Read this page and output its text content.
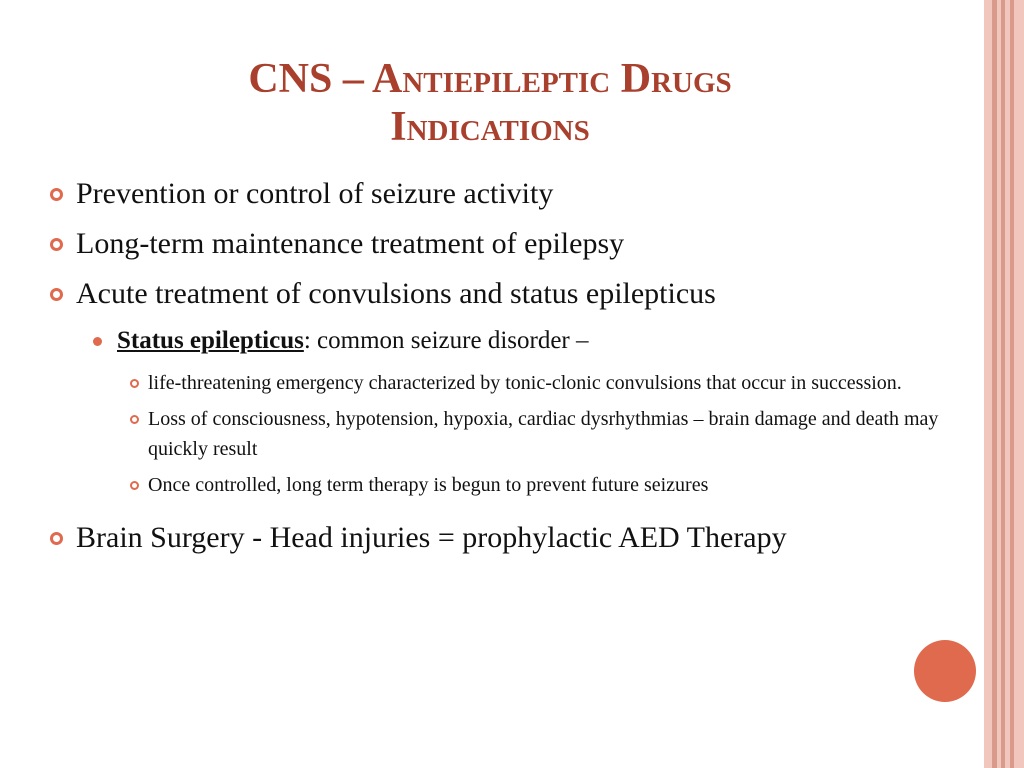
CNS – Antiepileptic Drugs
Indications
Prevention or control of seizure activity
Long-term maintenance treatment of epilepsy
Acute treatment of convulsions and status epilepticus
Status epilepticus: common seizure disorder –
life-threatening emergency characterized by tonic-clonic convulsions that occur in succession.
Loss of consciousness, hypotension, hypoxia, cardiac dysrhythmias – brain damage and death may quickly result
Once controlled, long term therapy is begun to prevent future seizures
Brain Surgery - Head injuries = prophylactic AED Therapy
